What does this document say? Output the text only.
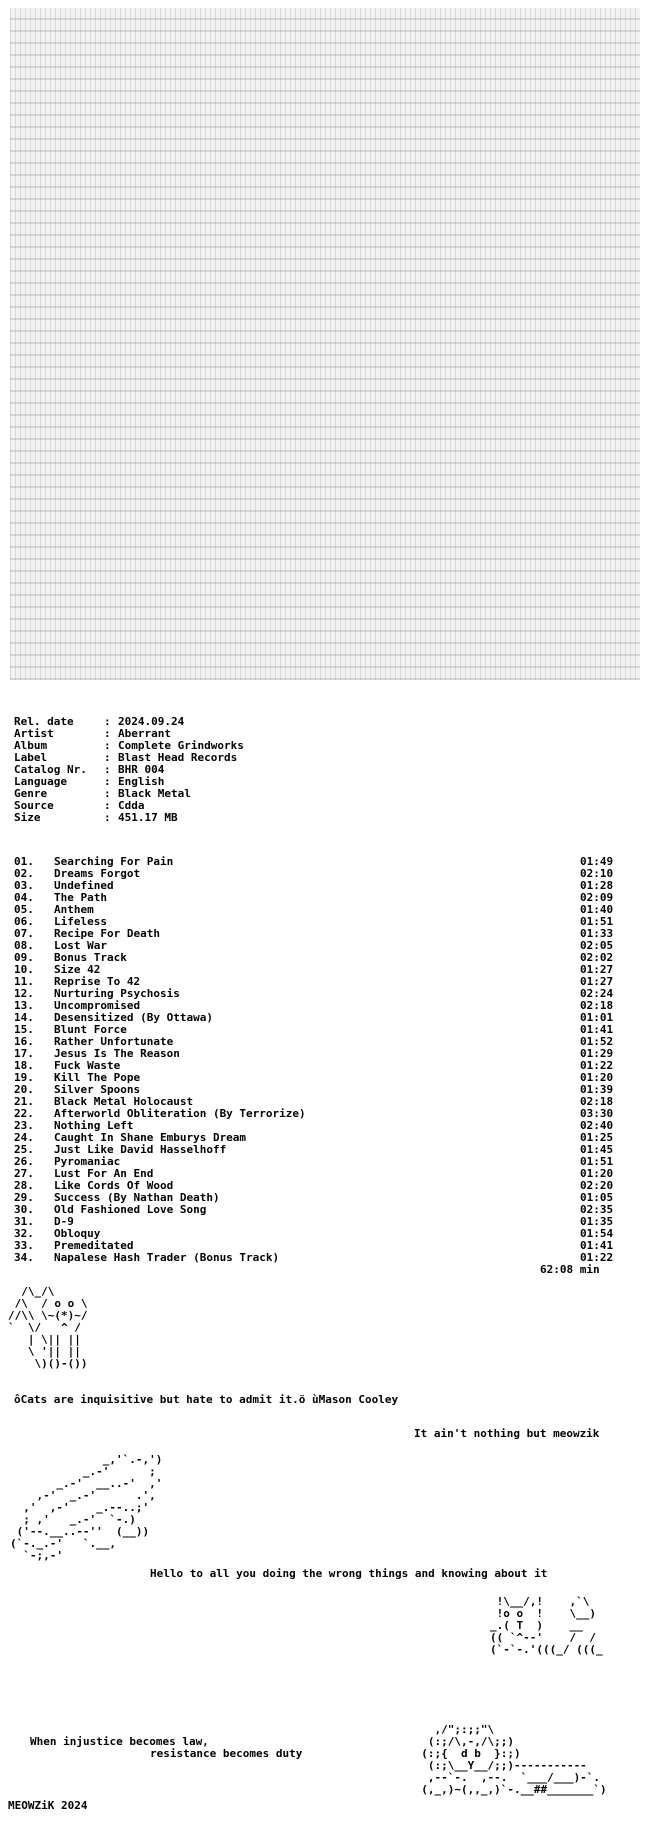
Rel. date	: 2024.09.24
Artist	: Aberrant
Album	: Complete Grindworks
Label	: Blast Head Records
Catalog Nr.	: BHR 004
Language	: English
Genre	: Black Metal
Source	: Cdda
Size	: 451.17 MB

01.	Searching For Pain	01:49
02.	Dreams Forgot	02:10
03.	Undefined	01:28
04.	The Path	02:09
05.	Anthem	01:40
06.	Lifeless	01:51
07.	Recipe For Death	01:33
08.	Lost War	02:05
09.	Bonus Track	02:02
10.	Size 42	01:27
11.	Reprise To 42	01:27
12.	Nurturing Psychosis	02:24
13.	Uncompromised	02:18
14.	Desensitized (By Ottawa)	01:01
15.	Blunt Force	01:41
16.	Rather Unfortunate	01:52
17.	Jesus Is The Reason	01:29
18.	Fuck Waste	01:22
19.	Kill The Pope	01:20
20.	Silver Spoons	01:39
21.	Black Metal Holocaust	02:18
22.	Afterworld Obliteration (By Terrorize)	03:30
23.	Nothing Left	02:40
24.	Caught In Shane Emburys Dream	01:25
25.	Just Like David Hasselhoff	01:45
26.	Pyromaniac	01:51
27.	Lust For An End	01:20
28.	Like Cords Of Wood	02:20
29.	Success (By Nathan Death)	01:05
30.	Old Fashioned Love Song	02:35
31.	D-9	01:35
32.	Obloquy	01:54
33.	Premeditated	01:41
34.	Napalese Hash Trader (Bonus Track)	01:22
62:08 min
/\_/\
/\  / o o \
//\\ \~(*)~/
`  \/   ^ /
| \|| ||
\ '|| ||
\)()-())
ôCats are inquisitive but hate to admit it.ö ùMason Cooley
It ain't nothing but meowzik
_,'`.-,')
_.-'      ;
_.-'  __..-'  ,'
,-'  _.-'      .',
,'  ,-'    _.--..;'
; ,'   _.-'  `-.)
('--.__..--''  (__))
(`-._.-'   `.__,
`-;,-'
Hello to all you doing the wrong things and knowing about it
!\__/,!    ,`\
!o o  !    \__)
_.( T  )    __
(( `^--'    /  /
(`-`-.'(((_/ (((_
When injustice becomes law,
resistance becomes duty
,/";:;;"\
(:;/\,-,/\;;)
(:;{  d b  }:;)
(:;\__Y__/;;)-----------
,--`-.  ,--.  `___/___)-`.
(,_,)~(,,_,)`-.__##_______`)
MEOWZiK 2024
